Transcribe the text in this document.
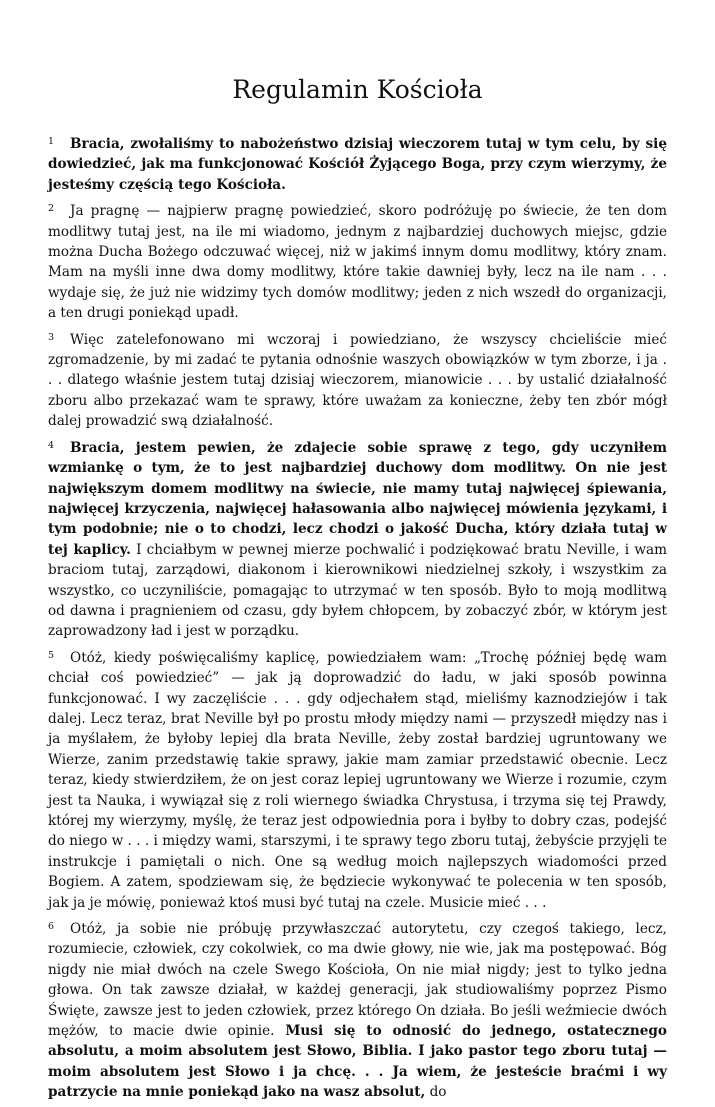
Regulamin Kościoła

$^1$ Bracia, zwołaliśmy to nabożeństwo dzisiaj wieczorem tutaj w tym celu, by się dowiedzieć, jak ma funkcjonować Kościół Żyjącego Boga, przy czym wierzymy, że jesteśmy częścią tego Kościoła.

$^2$ Ja pragnę — najpierw pragnę powiedzieć, skoro podróżuję po świecie, że ten dom modlitwy tutaj jest, na ile mi wiadomo, jednym z najbardziej duchowych miejsc, gdzie można Ducha Bożego odczuwać więcej, niż w jakimś innym domu modlitwy, który znam. Mam na myśli inne dwa domy modlitwy, które takie dawniej były, lecz na ile nam . . . wydaje się, że już nie widzimy tych domów modlitwy; jeden z nich wszedł do organizacji, a ten drugi poniekąd upadł.

$^3$ Więc zatelefonowano mi wczoraj i powiedziano, że wszyscy chcieliście mieć zgromadzenie, by mi zadać te pytania odnośnie waszych obowiązków w tym zborze, i ja . . . dlatego właśnie jestem tutaj dzisiaj wieczorem, mianowicie . . . by ustalić działalność zboru albo przekazać wam te sprawy, które uważam za konieczne, żeby ten zbór mógł dalej prowadzić swą działalność.

$^4$ Bracia, jestem pewien, że zdajecie sobie sprawę z tego, gdy uczyniłem wzmiankę o tym, że to jest najbardziej duchowy dom modlitwy. On nie jest największym domem modlitwy na świecie, nie mamy tutaj najwięcej śpiewania, najwięcej krzyczenia, najwięcej hałasowania albo najwięcej mówienia językami, i tym podobnie; nie o to chodzi, lecz chodzi o jakość Ducha, który działa tutaj w tej kaplicy. I chciałbym w pewnej mierze pochwalić i podziękować bratu Neville, i wam braciom tutaj, zarządowi, diakonom i kierownikowi niedzielnej szkoły, i wszystkim za wszystko, co uczyniliście, pomagając to utrzymać w ten sposób. Było to moją modlitwą od dawna i pragnieniem od czasu, gdy byłem chłopcem, by zobaczyć zbór, w którym jest zaprowadzony ład i jest w porządku.

$^5$ Otóż, kiedy poświęcaliśmy kaplicę, powiedziałem wam: „Trochę później będę wam chciał coś powiedzieć” — jak ją doprowadzić do ładu, w jaki sposób powinna funkcjonować. I wy zaczęliście . . . gdy odjechałem stąd, mieliśmy kaznodziejów i tak dalej. Lecz teraz, brat Neville był po prostu młody między nami — przyszedł między nas i ja myślałem, że byłoby lepiej dla brata Neville, żeby został bardziej ugruntowany we Wierze, zanim przedstawię takie sprawy, jakie mam zamiar przedstawić obecnie. Lecz teraz, kiedy stwierdziłem, że on jest coraz lepiej ugruntowany we Wierze i rozumie, czym jest ta Nauka, i wywiązał się z roli wiernego świadka Chrystusa, i trzyma się tej Prawdy, której my wierzymy, myślę, że teraz jest odpowiednia pora i byłby to dobry czas, podejść do niego w . . . i między wami, starszymi, i te sprawy tego zboru tutaj, żebyście przyjęli te instrukcje i pamiętali o nich. One są według moich najlepszych wiadomości przed Bogiem. A zatem, spodziewam się, że będziecie wykonywać te polecenia w ten sposób, jak ja je mówię, ponieważ ktoś musi być tutaj na czele. Musicie mieć . . .

$^6$ Otóż, ja sobie nie próbuję przywłaszczać autorytetu, czy czegoś takiego, lecz, rozumiecie, człowiek, czy cokolwiek, co ma dwie głowy, nie wie, jak ma postępować. Bóg nigdy nie miał dwóch na czele Swego Kościoła, On nie miał nigdy; jest to tylko jedna głowa. On tak zawsze działał, w każdej generacji, jak studiowaliśmy poprzez Pismo Święte, zawsze jest to jeden człowiek, przez którego On działa. Bo jeśli weźmiecie dwóch mężów, to macie dwie opinie. Musi się to odnosić do jednego, ostatecznego absolutu, a moim absolutem jest Słowo, Biblia. I jako pastor tego zboru tutaj — moim absolutem jest Słowo i ja chcę. . . Ja wiem, że jesteście braćmi i wy patrzycie na mnie poniekąd jako na wasz absolut, do
